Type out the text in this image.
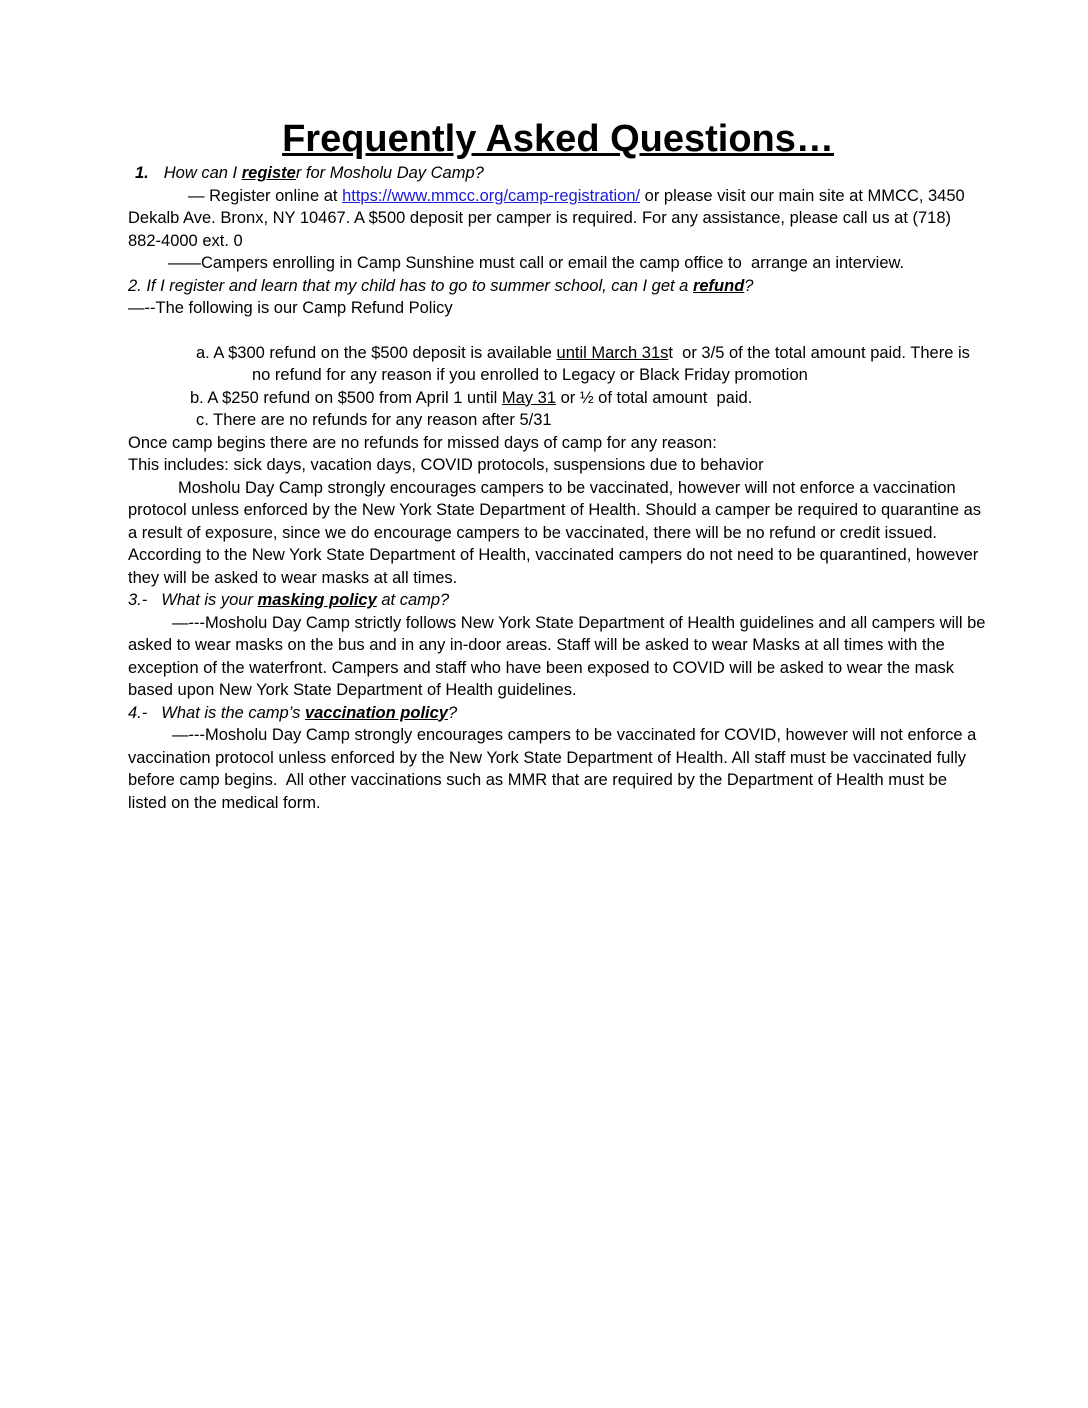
Frequently Asked Questions…

1. How can I register for Mosholu Day Camp?

— Register online at https://www.mmcc.org/camp-registration/ or please visit our main site at MMCC, 3450 Dekalb Ave. Bronx, NY 10467. A $500 deposit per camper is required. For any assistance, please call us at (718) 882-4000 ext. 0

——Campers enrolling in Camp Sunshine must call or email the camp office to  arrange an interview.

2. If I register and learn that my child has to go to summer school, can I get a refund?

—--The following is our Camp Refund Policy

a. A $300 refund on the $500 deposit is available until March 31st  or 3/5 of the total amount paid. There is no refund for any reason if you enrolled to Legacy or Black Friday promotion

b. A $250 refund on $500 from April 1 until May 31 or ½ of total amount  paid.

c. There are no refunds for any reason after 5/31

Once camp begins there are no refunds for missed days of camp for any reason:

This includes: sick days, vacation days, COVID protocols, suspensions due to behavior

Mosholu Day Camp strongly encourages campers to be vaccinated, however will not enforce a vaccination protocol unless enforced by the New York State Department of Health. Should a camper be required to quarantine as a result of exposure, since we do encourage campers to be vaccinated, there will be no refund or credit issued. According to the New York State Department of Health, vaccinated campers do not need to be quarantined, however they will be asked to wear masks at all times.

3.- What is your masking policy at camp?

—---Mosholu Day Camp strictly follows New York State Department of Health guidelines and all campers will be asked to wear masks on the bus and in any in-door areas. Staff will be asked to wear Masks at all times with the exception of the waterfront. Campers and staff who have been exposed to COVID will be asked to wear the mask based upon New York State Department of Health guidelines.

4.- What is the camp’s vaccination policy?

—---Mosholu Day Camp strongly encourages campers to be vaccinated for COVID, however will not enforce a vaccination protocol unless enforced by the New York State Department of Health. All staff must be vaccinated fully before camp begins.  All other vaccinations such as MMR that are required by the Department of Health must be listed on the medical form.
